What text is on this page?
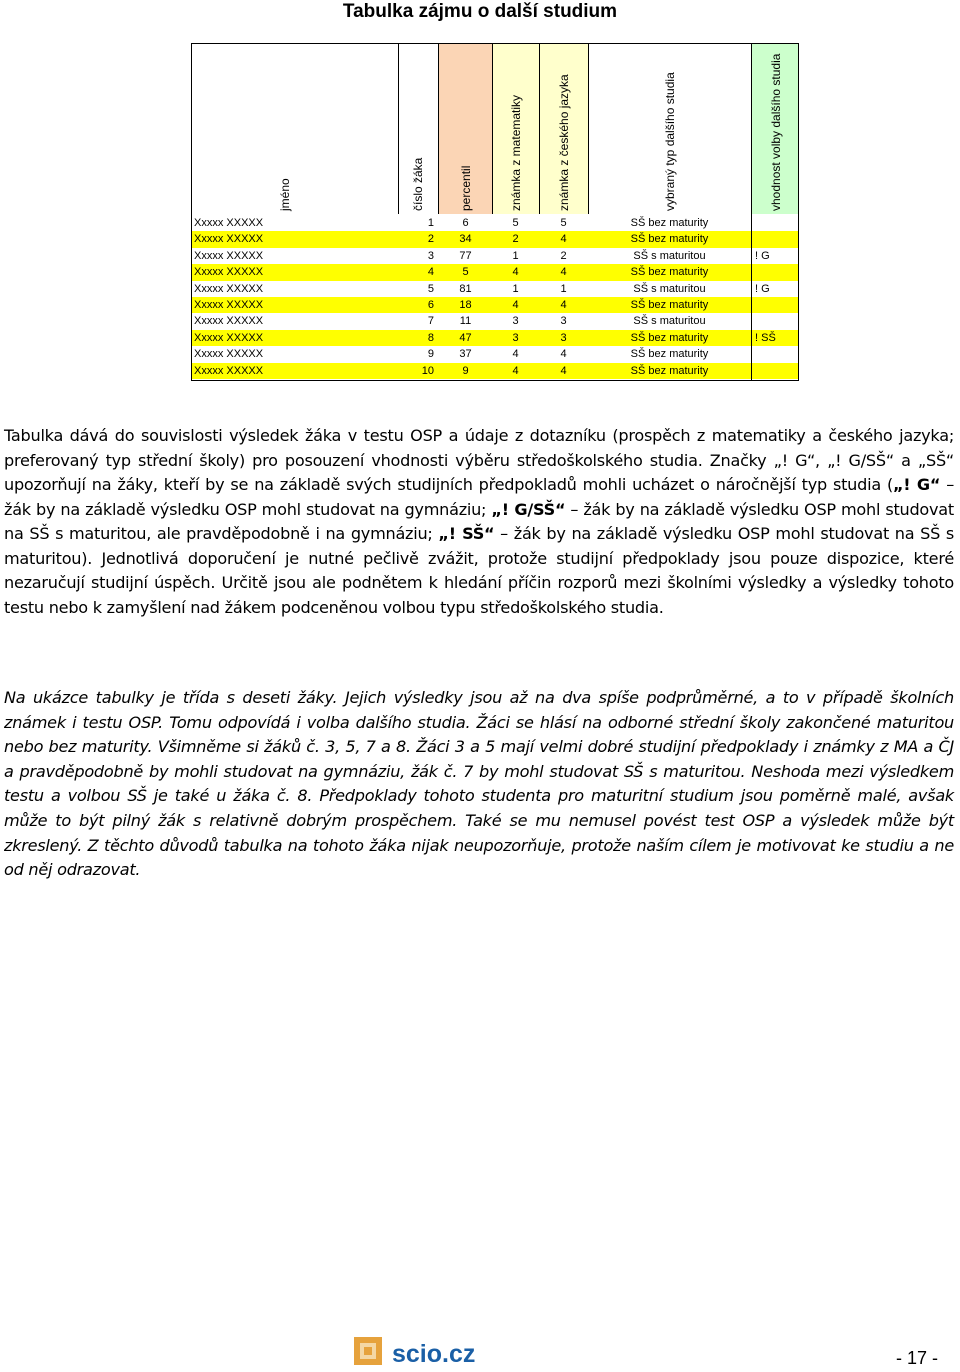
Tabulka zájmu o další studium
jméno	číslo žáka	percentil	známka z matematiky	známka z českého jazyka	vybraný typ dalšího studia	vhodnost volby dalšího studia
Xxxxx XXXXX	1	6	5	5	SŠ bez maturity
Xxxxx XXXXX	2	34	2	4	SŠ bez maturity
Xxxxx XXXXX	3	77	1	2	SŠ s maturitou	! G
Xxxxx XXXXX	4	5	4	4	SŠ bez maturity
Xxxxx XXXXX	5	81	1	1	SŠ s maturitou	! G
Xxxxx XXXXX	6	18	4	4	SŠ bez maturity
Xxxxx XXXXX	7	11	3	3	SŠ s maturitou
Xxxxx XXXXX	8	47	3	3	SŠ bez maturity	! SŠ
Xxxxx XXXXX	9	37	4	4	SŠ bez maturity
Xxxxx XXXXX	10	9	4	4	SŠ bez maturity

Tabulka dává do souvislosti výsledek žáka v testu OSP a údaje z dotazníku (prospěch z matematiky a českého jazyka; preferovaný typ střední školy) pro posouzení vhodnosti výběru středoškolského studia. Značky „! G“, „! G/SŠ“ a „SŠ“ upozorňují na žáky, kteří by se na základě svých studijních předpokladů mohli ucházet o náročnější typ studia („! G“ – žák by na základě výsledku OSP mohl studovat na gymnáziu; „! G/SŠ“ – žák by na základě výsledku OSP mohl studovat na SŠ s maturitou, ale pravděpodobně i na gymnáziu; „! SŠ“ – žák by na základě výsledku OSP mohl studovat na SŠ s maturitou). Jednotlivá doporučení je nutné pečlivě zvážit, protože studijní předpoklady jsou pouze dispozice, které nezaručují studijní úspěch. Určitě jsou ale podnětem k hledání příčin rozporů mezi školními výsledky a výsledky tohoto testu nebo k zamyšlení nad žákem podceněnou volbou typu středoškolského studia.

Na ukázce tabulky je třída s deseti žáky. Jejich výsledky jsou až na dva spíše podprůměrné, a to v případě školních známek i testu OSP. Tomu odpovídá i volba dalšího studia. Žáci se hlásí na odborné střední školy zakončené maturitou nebo bez maturity. Všimněme si žáků č. 3, 5, 7 a 8. Žáci 3 a 5 mají velmi dobré studijní předpoklady i známky z MA a ČJ a pravděpodobně by mohli studovat na gymnáziu, žák č. 7 by mohl studovat SŠ s maturitou. Neshoda mezi výsledkem testu a volbou SŠ je také u žáka č. 8. Předpoklady tohoto studenta pro maturitní studium jsou poměrně malé, avšak může to být pilný žák s relativně dobrým prospěchem. Také se mu nemusel povést test OSP a výsledek může být zkreslený. Z těchto důvodů tabulka na tohoto žáka nijak neupozorňuje, protože naším cílem je motivovat ke studiu a ne od něj odrazovat.

scio.cz	- 17 -
